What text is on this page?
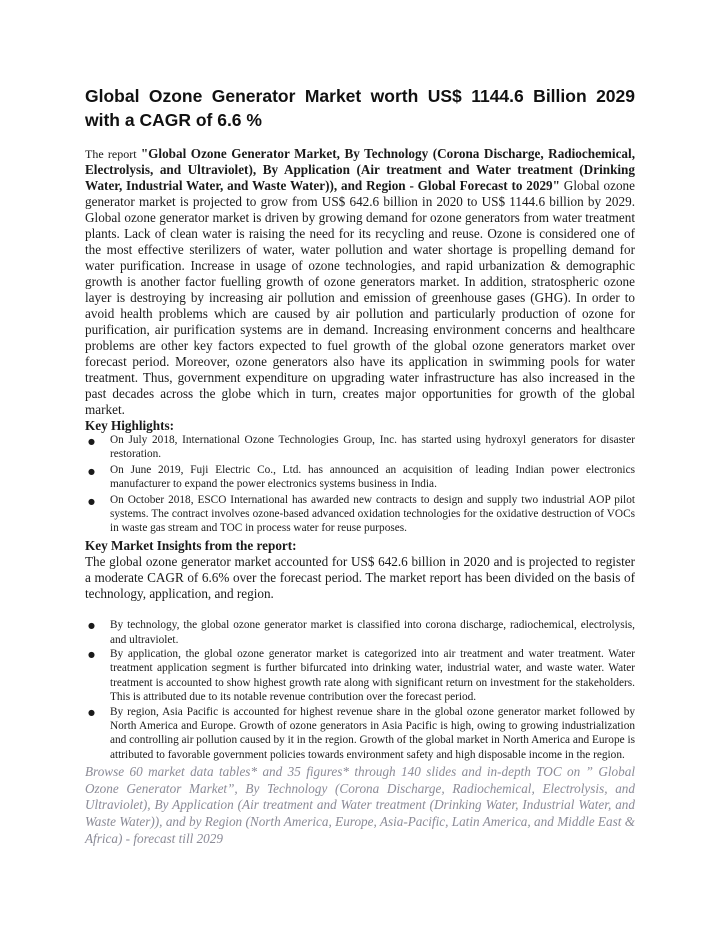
Global Ozone Generator Market worth US$ 1144.6 Billion 2029 with a CAGR of 6.6 %

The report "Global Ozone Generator Market, By Technology (Corona Discharge, Radiochemical, Electrolysis, and Ultraviolet), By Application (Air treatment and Water treatment (Drinking Water, Industrial Water, and Waste Water)), and Region - Global Forecast to 2029" Global ozone generator market is projected to grow from US$ 642.6 billion in 2020 to US$ 1144.6 billion by 2029. Global ozone generator market is driven by growing demand for ozone generators from water treatment plants. Lack of clean water is raising the need for its recycling and reuse. Ozone is considered one of the most effective sterilizers of water, water pollution and water shortage is propelling demand for water purification. Increase in usage of ozone technologies, and rapid urbanization & demographic growth is another factor fuelling growth of ozone generators market. In addition, stratospheric ozone layer is destroying by increasing air pollution and emission of greenhouse gases (GHG). In order to avoid health problems which are caused by air pollution and particularly production of ozone for purification, air purification systems are in demand. Increasing environment concerns and healthcare problems are other key factors expected to fuel growth of the global ozone generators market over forecast period. Moreover, ozone generators also have its application in swimming pools for water treatment. Thus, government expenditure on upgrading water infrastructure has also increased in the past decades across the globe which in turn, creates major opportunities for growth of the global market.

Key Highlights:
● On July 2018, International Ozone Technologies Group, Inc. has started using hydroxyl generators for disaster restoration.
● On June 2019, Fuji Electric Co., Ltd. has announced an acquisition of leading Indian power electronics manufacturer to expand the power electronics systems business in India.
● On October 2018, ESCO International has awarded new contracts to design and supply two industrial AOP pilot systems. The contract involves ozone-based advanced oxidation technologies for the oxidative destruction of VOCs in waste gas stream and TOC in process water for reuse purposes.
Key Market Insights from the report:

The global ozone generator market accounted for US$ 642.6 billion in 2020 and is projected to register a moderate CAGR of 6.6% over the forecast period. The market report has been divided on the basis of technology, application, and region.

● By technology, the global ozone generator market is classified into corona discharge, radiochemical, electrolysis, and ultraviolet.
● By application, the global ozone generator market is categorized into air treatment and water treatment. Water treatment application segment is further bifurcated into drinking water, industrial water, and waste water. Water treatment is accounted to show highest growth rate along with significant return on investment for the stakeholders. This is attributed due to its notable revenue contribution over the forecast period.
● By region, Asia Pacific is accounted for highest revenue share in the global ozone generator market followed by North America and Europe. Growth of ozone generators in Asia Pacific is high, owing to growing industrialization and controlling air pollution caused by it in the region. Growth of the global market in North America and Europe is attributed to favorable government policies towards environment safety and high disposable income in the region.

Browse 60 market data tables* and 35 figures* through 140 slides and in-depth TOC on ” Global Ozone Generator Market”, By Technology (Corona Discharge, Radiochemical, Electrolysis, and Ultraviolet), By Application (Air treatment and Water treatment (Drinking Water, Industrial Water, and Waste Water)), and by Region (North America, Europe, Asia-Pacific, Latin America, and Middle East & Africa) - forecast till 2029
